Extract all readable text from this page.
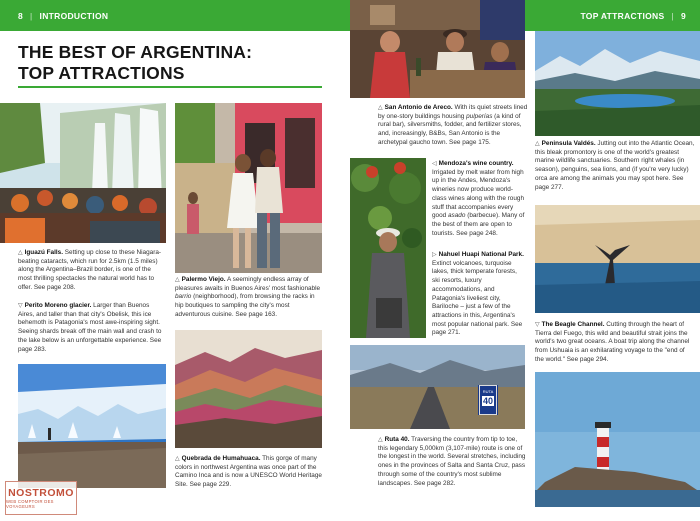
8 | INTRODUCTION	TOP ATTRACTIONS | 9
THE BEST OF ARGENTINA:
TOP ATTRACTIONS
RUTA
40
△ Iguazú Falls. Setting up close to these Niagara-beating cataracts, which run for 2.5km (1.5 miles) along the Argentina–Brazil border, is one of the most thrilling spectacles the natural world has to offer. See page 208.
▽ Perito Moreno glacier. Larger than Buenos Aires, and taller than that city's Obelisk, this ice behemoth is Patagonia's most awe-inspiring sight. Seeing shards break off the main wall and crash to the lake below is an unforgettable experience. See page 283.
△ Palermo Viejo. A seemingly endless array of pleasures awaits in Buenos Aires' most fashionable barrio (neighborhood), from browsing the racks in hip boutiques to sampling the city's most adventurous cuisine. See page 163.
△ Quebrada de Humahuaca. This gorge of many colors in northwest Argentina was once part of the Camino Inca and is now a UNESCO World Heritage Site. See page 229.
△ San Antonio de Areco. With its quiet streets lined by one-story buildings housing pulperías (a kind of rural bar), silversmiths, fodder, and fertilizer stores, and, increasingly, B&Bs, San Antonio is the archetypal gaucho town. See page 175.
◁ Mendoza's wine country. Irrigated by melt water from high up in the Andes, Mendoza's wineries now produce world-class wines along with the rough stuff that accompanies every good asado (barbecue). Many of the best of them are open to tourists. See page 248.
▷ Nahuel Huapi National Park. Extinct volcanoes, turquoise lakes, thick temperate forests, ski resorts, luxury accommodations, and Patagonia's liveliest city, Bariloche – just a few of the attractions in this, Argentina's most popular national park. See page 271.
△ Ruta 40. Traversing the country from tip to toe, this legendary 5,000km (3,107-mile) route is one of the longest in the world. Several stretches, including ones in the provinces of Salta and Santa Cruz, pass through some of the country's most sublime landscapes. See page 282.
△ Peninsula Valdés. Jutting out into the Atlantic Ocean, this bleak promontory is one of the world's greatest marine wildlife sanctuaries. Southern right whales (in season), penguins, sea lions, and (if you're very lucky) orca are among the animals you may spot here. See page 277.
▽ The Beagle Channel. Cutting through the heart of Tierra del Fuego, this wild and beautiful strait joins the world's two great oceans. A boat trip along the channel from Ushuaia is an exhilarating voyage to the "end of the world." See page 294.
NOSTROMO
WEB COMPTOIR DES VOYAGEURS
